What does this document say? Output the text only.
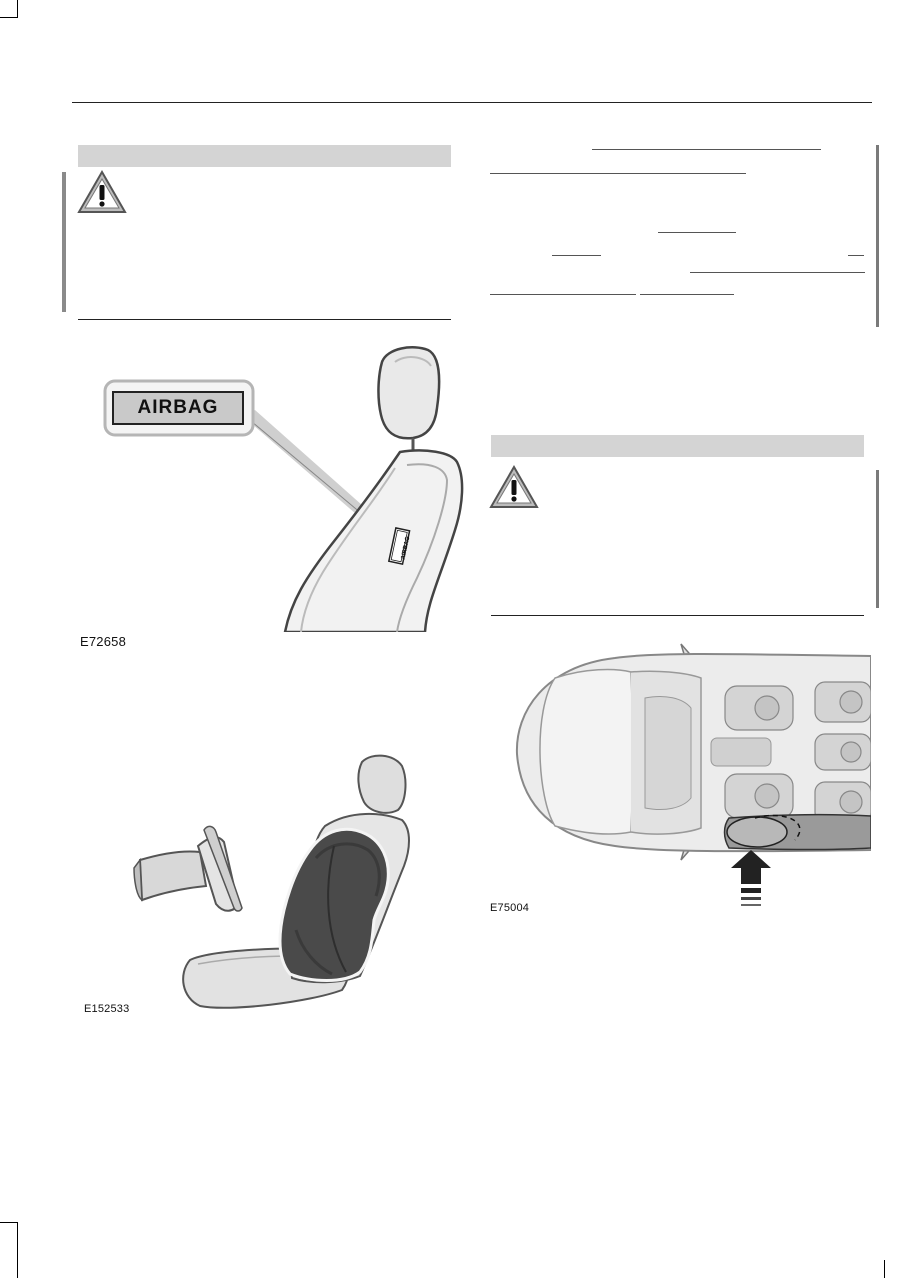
AIRBAG
AIRBAG
E72658
E152533
E75004
